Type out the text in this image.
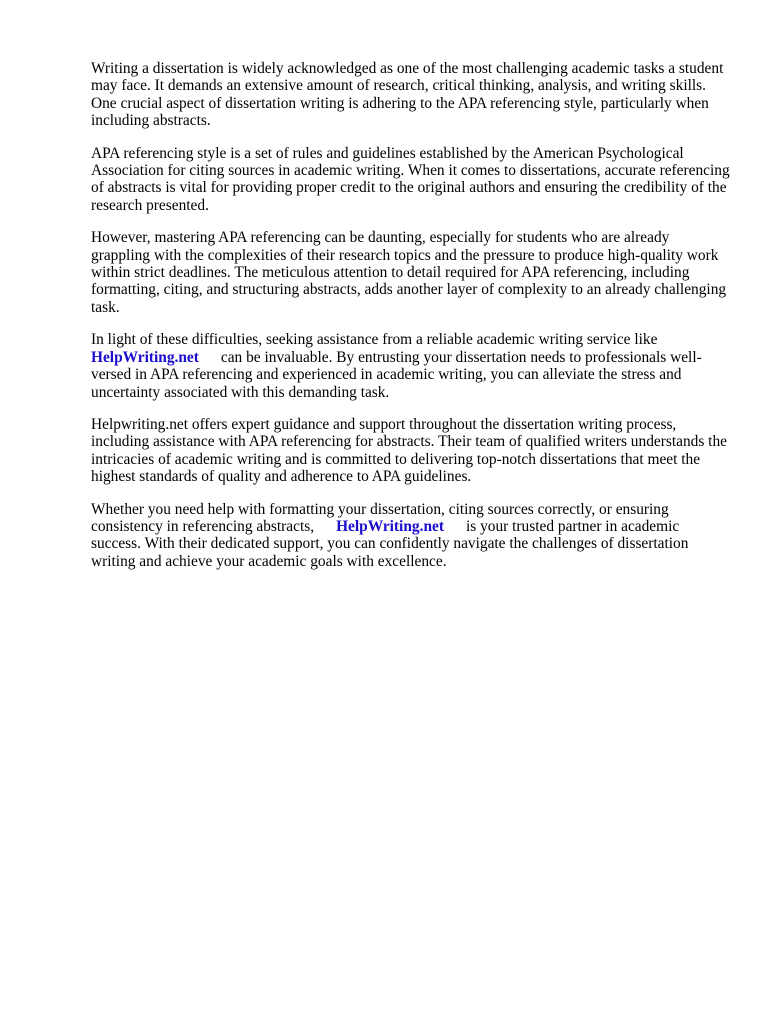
Writing a dissertation is widely acknowledged as one of the most challenging academic tasks a student may face. It demands an extensive amount of research, critical thinking, analysis, and writing skills. One crucial aspect of dissertation writing is adhering to the APA referencing style, particularly when including abstracts.

APA referencing style is a set of rules and guidelines established by the American Psychological Association for citing sources in academic writing. When it comes to dissertations, accurate referencing of abstracts is vital for providing proper credit to the original authors and ensuring the credibility of the research presented.

However, mastering APA referencing can be daunting, especially for students who are already grappling with the complexities of their research topics and the pressure to produce high-quality work within strict deadlines. The meticulous attention to detail required for APA referencing, including formatting, citing, and structuring abstracts, adds another layer of complexity to an already challenging task.

In light of these difficulties, seeking assistance from a reliable academic writing service like
HelpWriting.net can be invaluable. By entrusting your dissertation needs to professionals well-versed in APA referencing and experienced in academic writing, you can alleviate the stress and uncertainty associated with this demanding task.

Helpwriting.net offers expert guidance and support throughout the dissertation writing process, including assistance with APA referencing for abstracts. Their team of qualified writers understands the intricacies of academic writing and is committed to delivering top-notch dissertations that meet the highest standards of quality and adherence to APA guidelines.

Whether you need help with formatting your dissertation, citing sources correctly, or ensuring consistency in referencing abstracts, HelpWriting.net is your trusted partner in academic success. With their dedicated support, you can confidently navigate the challenges of dissertation writing and achieve your academic goals with excellence.
